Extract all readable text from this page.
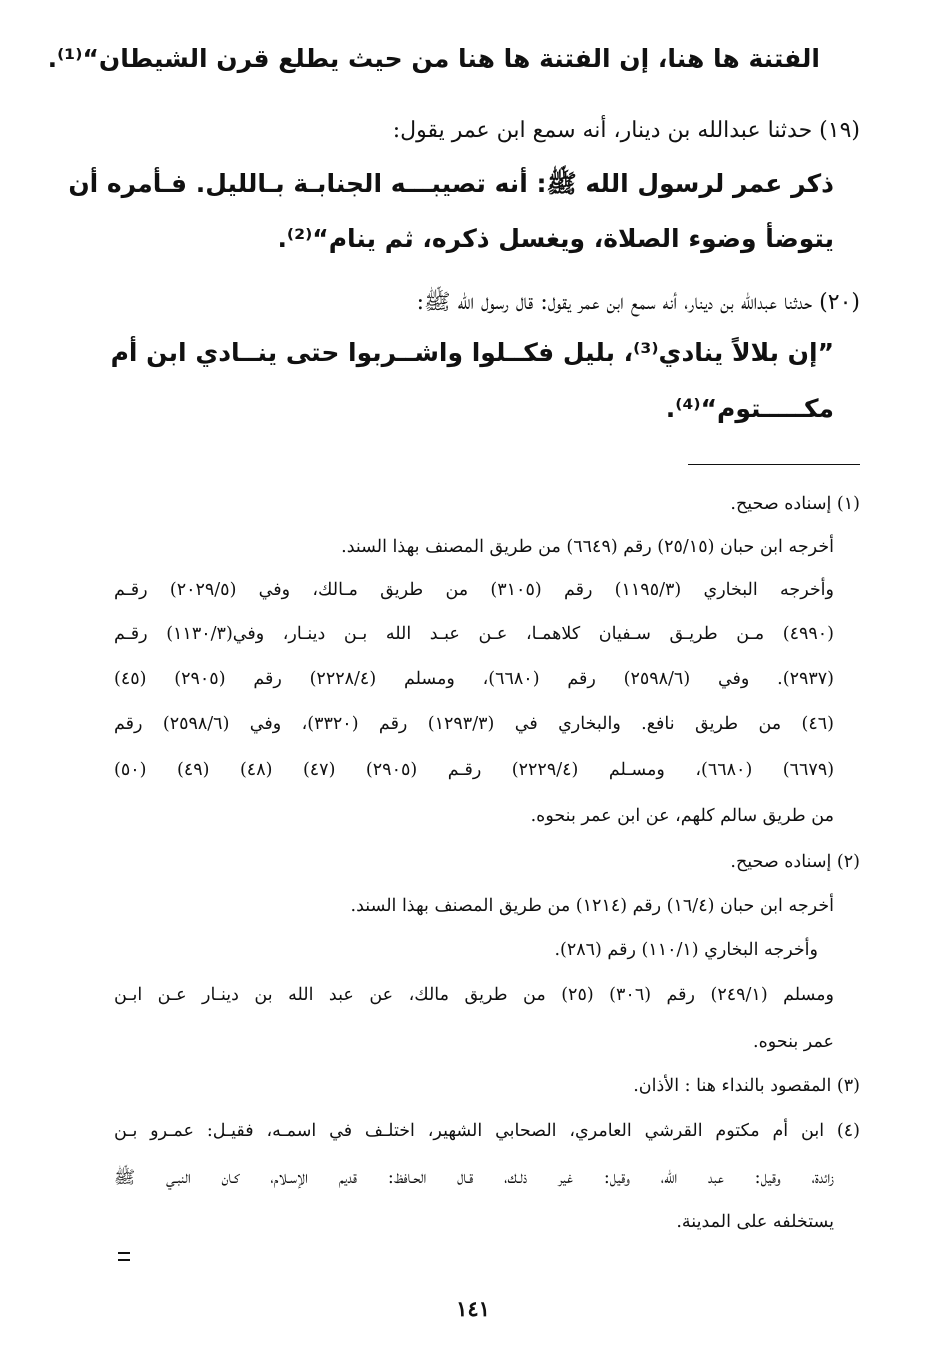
الفتنة ها هنا، إن الفتنة ها هنا من حيث يطلع قرن الشيطان“⁽¹⁾.
(١٩) حدثنا عبدالله بن دينار، أنه سمع ابن عمر يقول:
ذكر عمر لرسول الله ﷺ: أنه تصيبـــه الجنابـة بـالليل. فـأمره أن
يتوضأ وضوء الصلاة، ويغسل ذكره، ثم ينام“⁽²⁾.
(٢٠) حدثنا عبدالله بن دينار، أنه سمع ابن عمر يقول: قال رسول الله ﷺ:
”إن بلالاً ينادي⁽³⁾، بليل فكــلوا واشــربوا حتى ينــادي ابن أم
مكـــــتوم“⁽⁴⁾.
(١) إسناده صحيح.
أخرجه ابن حبان (٢٥/١٥) رقم (٦٦٤٩) من طريق المصنف بهذا السند.
وأخرجه البخاري (١١٩٥/٣) رقم (٣١٠٥) من طريق مـالك، وفي (٢٠٢٩/٥) رقـم
(٤٩٩٠) مـن طريـق سـفيان كلاهمـا، عـن عبـد الله بـن دينـار، وفي(١١٣٠/٣) رقـم
(٢٩٣٧). وفي (٢٥٩٨/٦) رقم (٦٦٨٠)، ومسلم (٢٢٢٨/٤) رقم (٢٩٠٥) (٤٥)
(٤٦) من طريق نافع. والبخاري في (١٢٩٣/٣) رقم (٣٣٢٠)، وفي (٢٥٩٨/٦) رقم
(٦٦٧٩) (٦٦٨٠)، ومسـلم (٢٢٢٩/٤) رقـم (٢٩٠٥) (٤٧) (٤٨) (٤٩) (٥٠)
من طريق سالم كلهم، عن ابن عمر بنحوه.
(٢) إسناده صحيح.
أخرجه ابن حبان (١٦/٤) رقم (١٢١٤) من طريق المصنف بهذا السند.
وأخرجه البخاري (١١٠/١) رقم (٢٨٦).
ومسلم (٢٤٩/١) رقم (٣٠٦) (٢٥) من طريق مالك، عن عبد الله بن دينـار عـن ابـن
عمر بنحوه.
(٣) المقصود بالنداء هنا : الأذان.
(٤) ابن أم مكتوم القرشي العامري، الصحابي الشهير، اختلـف في اسمـه، فقيـل: عمـرو بـن
زائدة، وقيل: عبد الله، وقيل: غير ذلـك، قـال الحـافظ: قديم الإسـلام، كـان النبـي ﷺ
يستخلفه على المدينة.
١٤١
